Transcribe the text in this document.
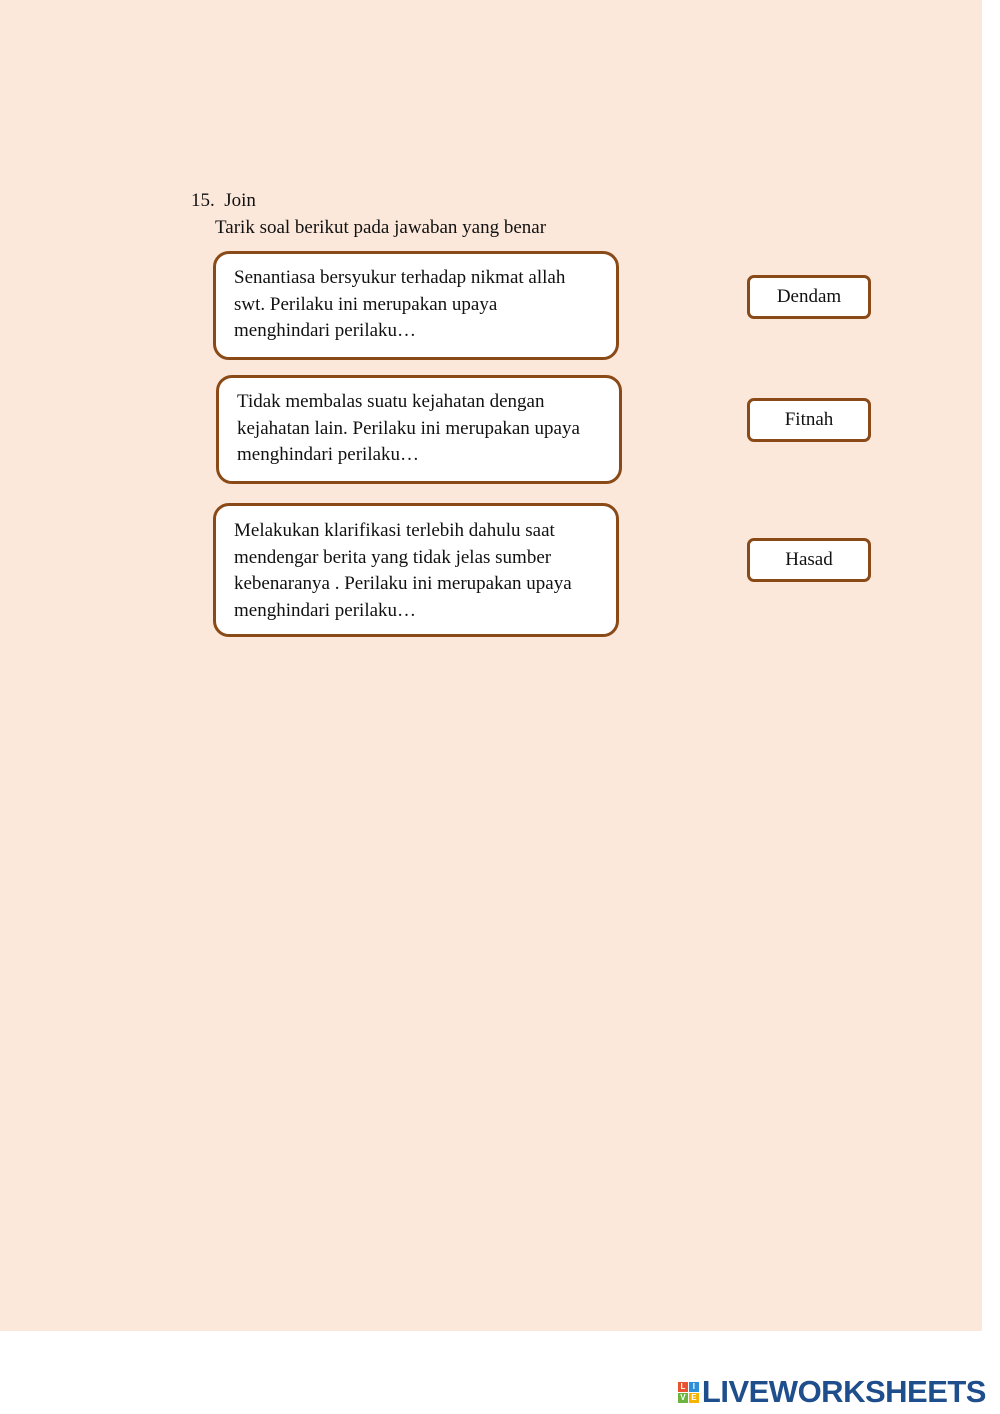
15. Join
Tarik soal berikut pada jawaban yang benar
Senantiasa bersyukur terhadap nikmat allah
swt. Perilaku ini merupakan upaya
menghindari perilaku…
Tidak membalas suatu kejahatan dengan
kejahatan lain. Perilaku ini merupakan upaya
menghindari perilaku…
Melakukan klarifikasi terlebih dahulu saat
mendengar berita yang tidak jelas sumber
kebenaranya . Perilaku ini merupakan upaya
menghindari perilaku…
Dendam
Fitnah
Hasad
L I
V E LIVEWORKSHEETS
